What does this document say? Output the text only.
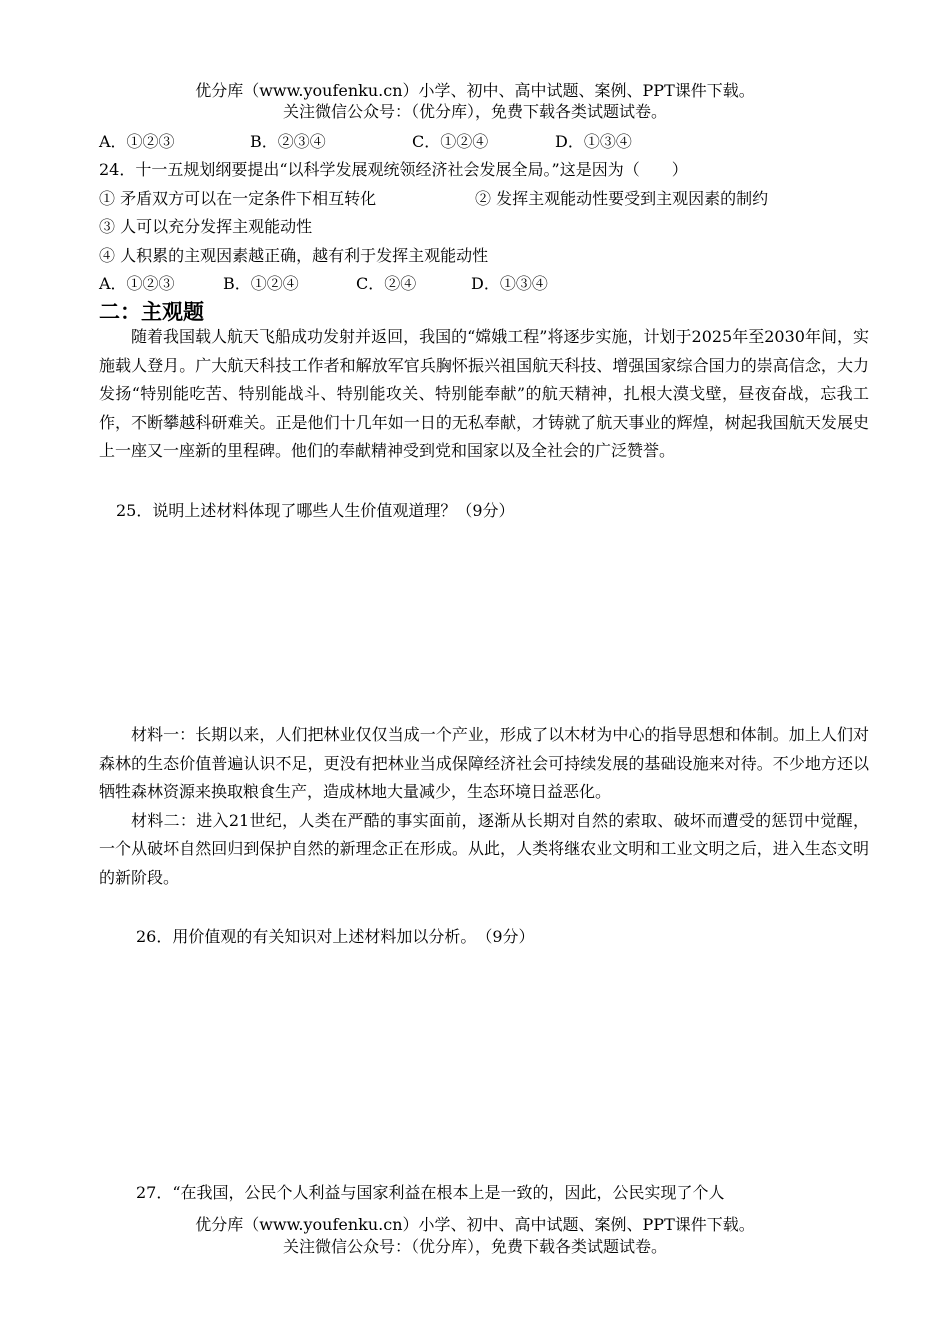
优分库（www.youfenku.cn）小学、初中、高中试题、案例、PPT课件下载。
关注微信公众号：（优分库），免费下载各类试题试卷。
A．①②③	B．②③④	C．①②④	D．①③④
24．十一五规划纲要提出“以科学发展观统领经济社会发展全局。”这是因为（　　）
① 矛盾双方可以在一定条件下相互转化	② 发挥主观能动性要受到主观因素的制约
③ 人可以充分发挥主观能动性
④ 人积累的主观因素越正确，越有利于发挥主观能动性
A．①②③	B．①②④	C．②④	D．①③④
二：主观题

随着我国载人航天飞船成功发射并返回，我国的“嫦娥工程”将逐步实施，计划于2025年至2030年间，实施载人登月。广大航天科技工作者和解放军官兵胸怀振兴祖国航天科技、增强国家综合国力的崇高信念，大力发扬“特别能吃苦、特别能战斗、特别能攻关、特别能奉献”的航天精神，扎根大漠戈壁，昼夜奋战，忘我工作，不断攀越科研难关。正是他们十几年如一日的无私奉献，才铸就了航天事业的辉煌，树起我国航天发展史上一座又一座新的里程碑。他们的奉献精神受到党和国家以及全社会的广泛赞誉。

25．说明上述材料体现了哪些人生价值观道理？（9分）

材料一：长期以来，人们把林业仅仅当成一个产业，形成了以木材为中心的指导思想和体制。加上人们对森林的生态价值普遍认识不足，更没有把林业当成保障经济社会可持续发展的基础设施来对待。不少地方还以牺牲森林资源来换取粮食生产，造成林地大量减少，生态环境日益恶化。

材料二：进入21世纪，人类在严酷的事实面前，逐渐从长期对自然的索取、破坏而遭受的惩罚中觉醒，一个从破坏自然回归到保护自然的新理念正在形成。从此，人类将继农业文明和工业文明之后，进入生态文明的新阶段。

26．用价值观的有关知识对上述材料加以分析。　（9分）
27．“在我国，公民个人利益与国家利益在根本上是一致的，因此，公民实现了个人
优分库（www.youfenku.cn）小学、初中、高中试题、案例、PPT课件下载。
关注微信公众号：（优分库），免费下载各类试题试卷。
